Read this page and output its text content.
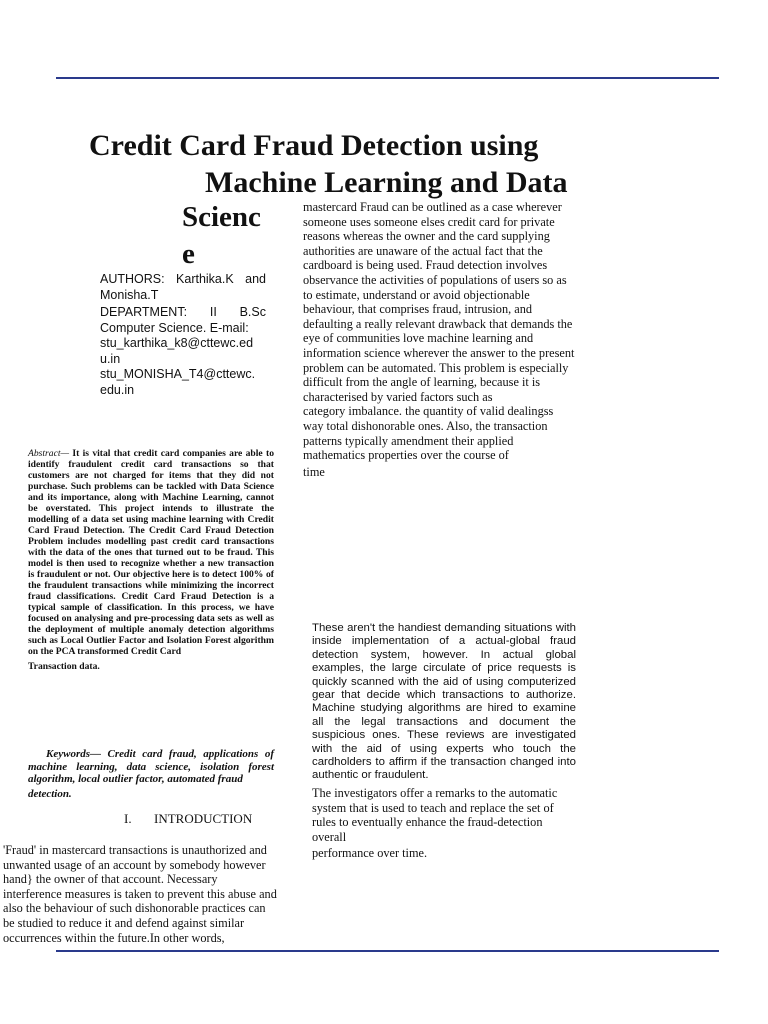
Credit Card Fraud Detection using
Machine Learning and Data
Scienc
e

AUTHORS: Karthika.K and Monisha.T

DEPARTMENT: II B.Sc Computer Science. E-mail:
stu_karthika_k8@cttewc.ed
u.in
stu_MONISHA_T4@cttewc.
edu.in

Abstract— It is vital that credit card companies are able to identify fraudulent credit card transactions so that customers are not charged for items that they did not purchase. Such problems can be tackled with Data Science and its importance, along with Machine Learning, cannot be overstated. This project intends to illustrate the modelling of a data set using machine learning with Credit Card Fraud Detection. The Credit Card Fraud Detection Problem includes modelling past credit card transactions with the data of the ones that turned out to be fraud. This model is then used to recognize whether a new transaction is fraudulent or not. Our objective here is to detect 100% of the fraudulent transactions while minimizing the incorrect fraud classifications. Credit Card Fraud Detection is a typical sample of classification. In this process, we have focused on analysing and pre-processing data sets as well as the deployment of multiple anomaly detection algorithms such as Local Outlier Factor and Isolation Forest algorithm on the PCA transformed Credit Card
Transaction data.

Keywords— Credit card fraud, applications of machine learning, data science, isolation forest algorithm, local outlier factor, automated fraud
detection.

I. INTRODUCTION

'Fraud' in mastercard transactions is unauthorized and unwanted usage of an account by somebody however hand} the owner of that account. Necessary interference measures is taken to prevent this abuse and also the behaviour of such dishonorable practices can be studied to reduce it and defend against similar occurrences within the future.In other words,

mastercard Fraud can be outlined as a case wherever someone uses someone elses credit card for private reasons whereas the owner and the card supplying authorities are unaware of the actual fact that the cardboard is being used. Fraud detection involves observance the activities of populations of users so as to estimate, understand or avoid objectionable behaviour, that comprises fraud, intrusion, and defaulting a really relevant drawback that demands the eye of communities love machine learning and information science wherever the answer to the present problem can be automated. This problem is especially difficult from the angle of learning, because it is characterised by varied factors such as category imbalance. the quantity of valid dealingss way total dishonorable ones. Also, the transaction patterns typically amendment their applied mathematics properties over the course of
time

These aren't the handiest demanding situations with inside implementation of a actual-global fraud detection system, however. In actual global examples, the large circulate of price requests is quickly scanned with the aid of using computerized gear that decide which transactions to authorize. Machine studying algorithms are hired to examine all the legal transactions and document the suspicious ones. These reviews are investigated with the aid of using experts who touch the cardholders to affirm if the transaction changed into authentic or fraudulent.

The investigators offer a remarks to the automatic system that is used to teach and replace the set of rules to eventually enhance the fraud-detection overall
performance over time.
